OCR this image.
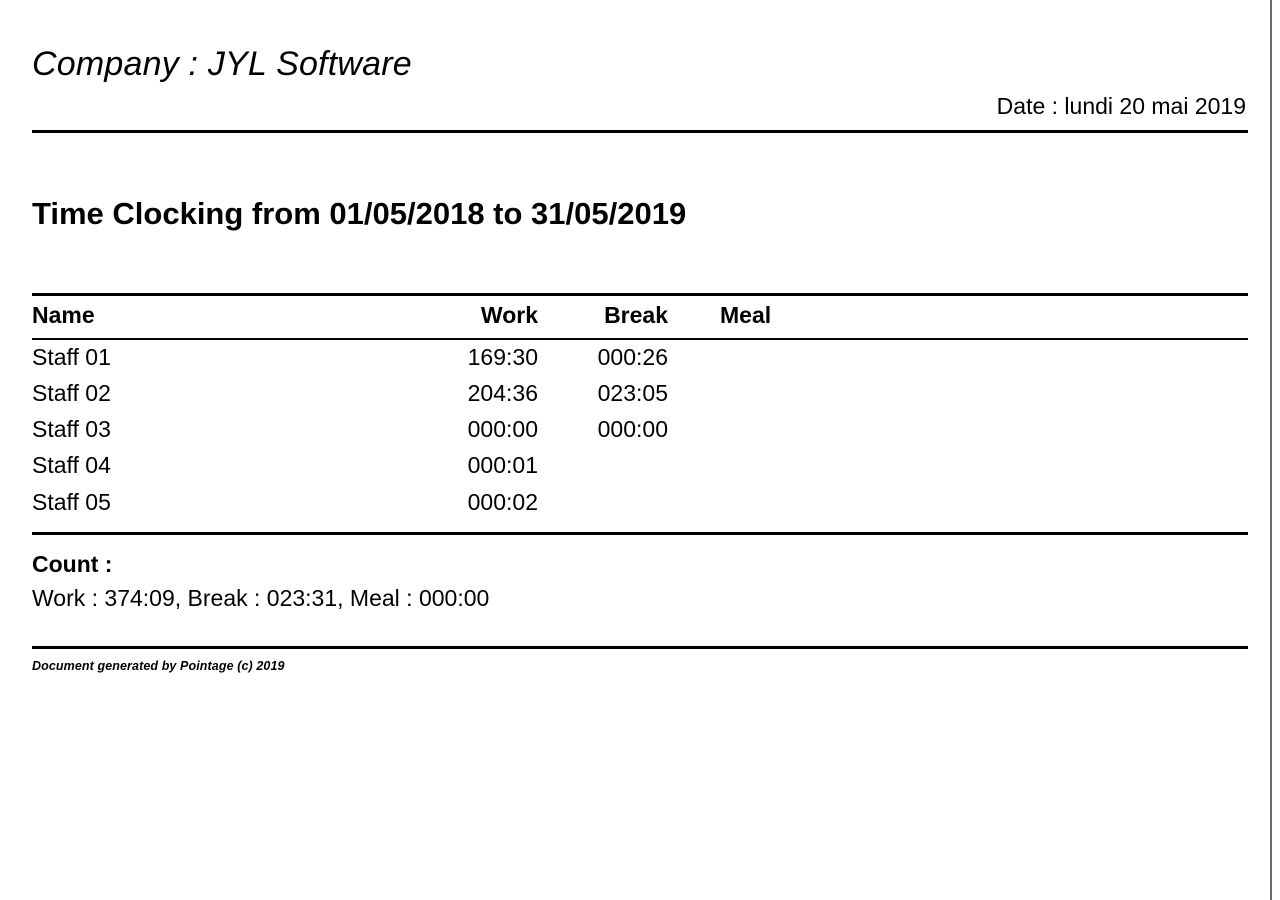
Company : JYL Software
Date : lundi 20 mai 2019
Time Clocking from 01/05/2018 to 31/05/2019
Name	Work	Break	Meal
Staff 01	169:30	000:26	
Staff 02	204:36	023:05	
Staff 03	000:00	000:00	
Staff 04	000:01		
Staff 05	000:02		
Count :
Work : 374:09, Break : 023:31, Meal : 000:00
Document generated by Pointage (c) 2019
